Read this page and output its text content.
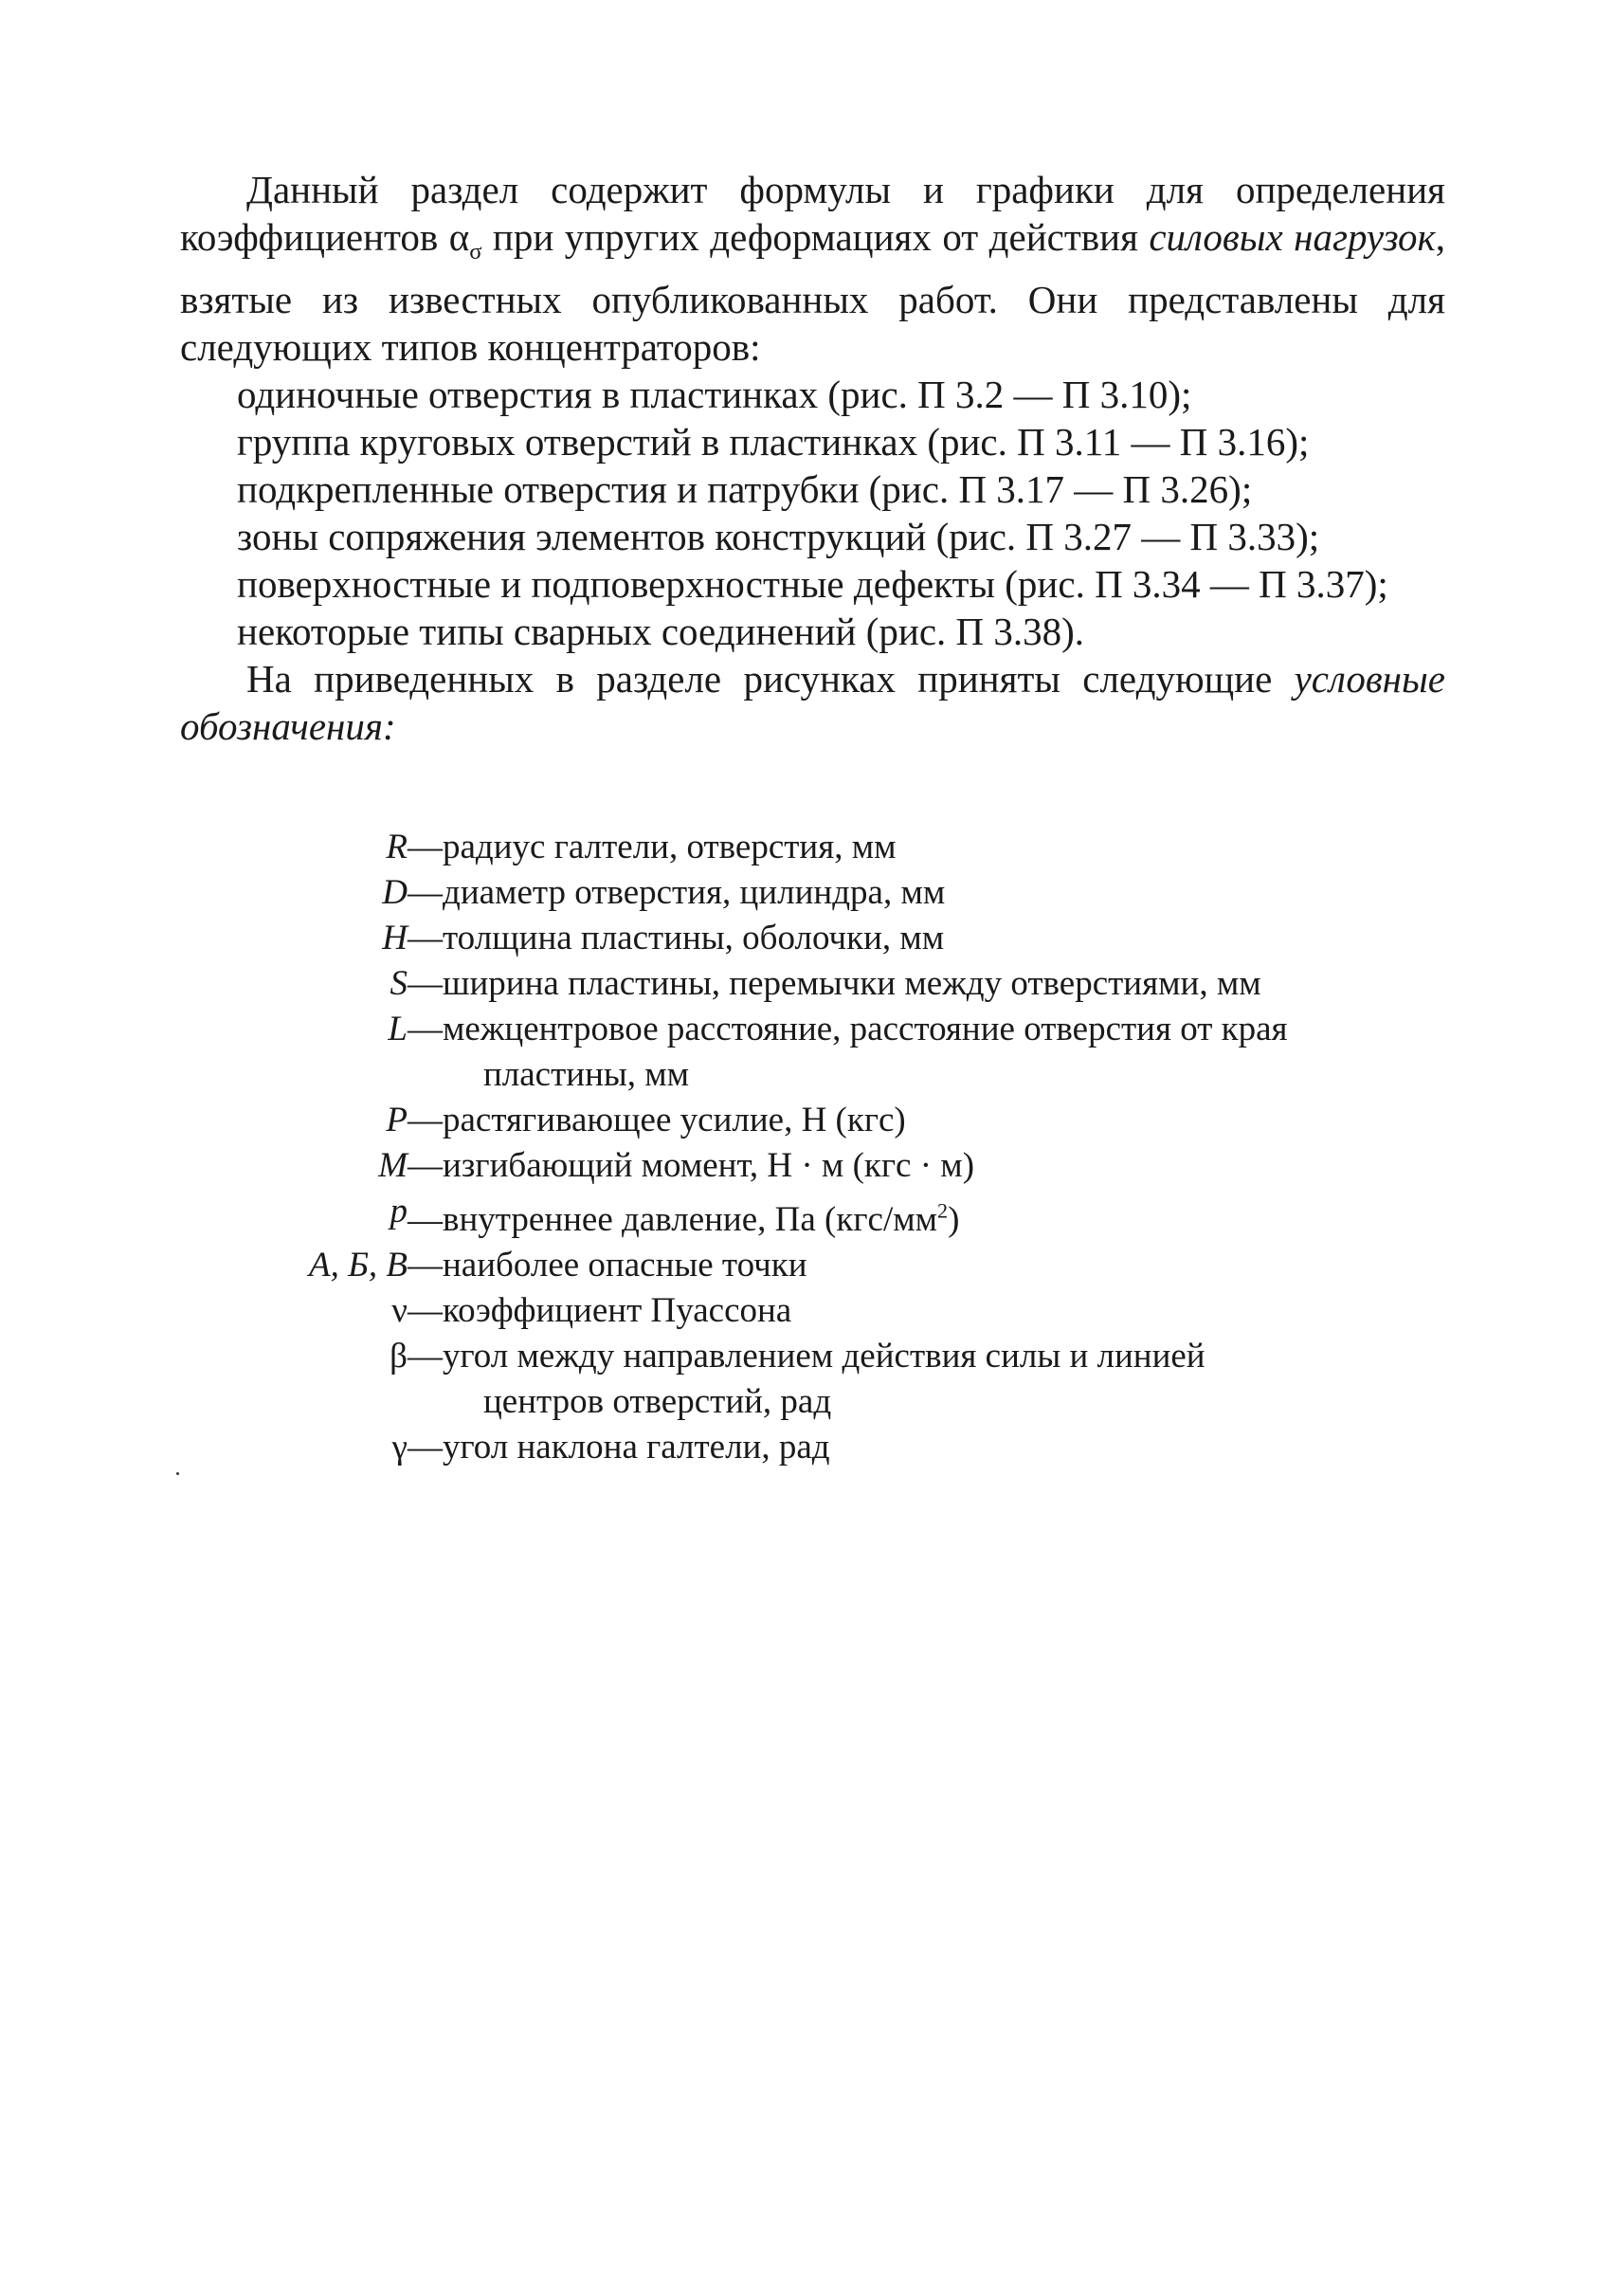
Данный раздел содержит формулы и графики для определения коэффициентов $\alpha_\sigma$ при упругих деформациях от действия силовых нагрузок, взятые из известных опубликованных работ. Они представлены для следующих типов концентраторов:

одиночные отверстия в пластинках (рис. П 3.2 — П 3.10);

группа круговых отверстий в пластинках (рис. П 3.11 — П 3.16);

подкрепленные отверстия и патрубки (рис. П 3.17 — П 3.26);

зоны сопряжения элементов конструкций (рис. П 3.27 — П 3.33);

поверхностные и подповерхностные дефекты (рис. П 3.34 — П 3.37);

некоторые типы сварных соединений (рис. П 3.38).

На приведенных в разделе рисунках приняты следующие условные обозначения:

R —радиус галтели, отверстия, мм
D —диаметр отверстия, цилиндра, мм
H —толщина пластины, оболочки, мм
S —ширина пластины, перемычки между отверстиями, мм
L —межцентровое расстояние, расстояние отверстия от края
пластины, мм
P —растягивающее усилие, Н (кгс)
M —изгибающий момент, Н · м (кгс · м)
p —внутреннее давление, Па $(кгс/мм^2)$
А, Б, В —наиболее опасные точки
ν —коэффициент Пуассона
β —угол между направлением действия силы и линией
центров отверстий, рад
γ —угол наклона галтели, рад
